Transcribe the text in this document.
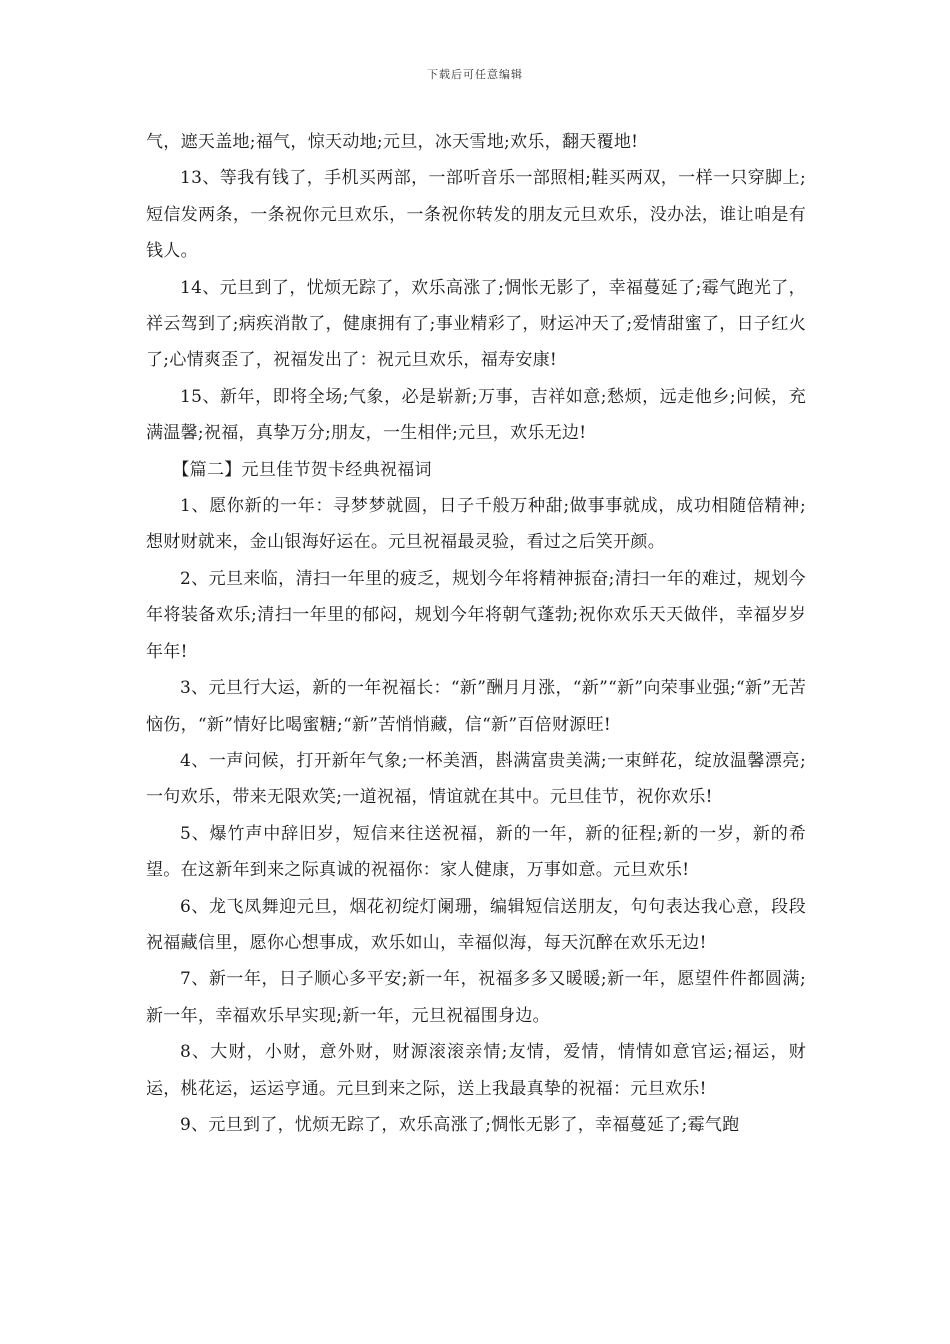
下载后可任意编辑

气，遮天盖地;福气，惊天动地;元旦，冰天雪地;欢乐，翻天覆地!

13、等我有钱了，手机买两部，一部听音乐一部照相;鞋买两双，一样一只穿脚上;短信发两条，一条祝你元旦欢乐，一条祝你转发的朋友元旦欢乐，没办法，谁让咱是有钱人。

14、元旦到了，忧烦无踪了，欢乐高涨了;惆怅无影了，幸福蔓延了;霉气跑光了，祥云驾到了;病疾消散了，健康拥有了;事业精彩了，财运冲天了;爱情甜蜜了，日子红火了;心情爽歪了，祝福发出了：祝元旦欢乐，福寿安康!

15、新年，即将全场;气象，必是崭新;万事，吉祥如意;愁烦，远走他乡;问候，充满温馨;祝福，真挚万分;朋友，一生相伴;元旦，欢乐无边!

【篇二】元旦佳节贺卡经典祝福词

1、愿你新的一年：寻梦梦就圆，日子千般万种甜;做事事就成，成功相随倍精神;想财财就来，金山银海好运在。元旦祝福最灵验，看过之后笑开颜。

2、元旦来临，清扫一年里的疲乏，规划今年将精神振奋;清扫一年的难过，规划今年将装备欢乐;清扫一年里的郁闷，规划今年将朝气蓬勃;祝你欢乐天天做伴，幸福岁岁年年!

3、元旦行大运，新的一年祝福长：“新”酬月月涨，“新”“新”向荣事业强;“新”无苦恼伤，“新”情好比喝蜜糖;“新”苦悄悄藏，信“新”百倍财源旺!

4、一声问候，打开新年气象;一杯美酒，斟满富贵美满;一束鲜花，绽放温馨漂亮;一句欢乐，带来无限欢笑;一道祝福，情谊就在其中。元旦佳节，祝你欢乐!

5、爆竹声中辞旧岁，短信来往送祝福，新的一年，新的征程;新的一岁，新的希望。在这新年到来之际真诚的祝福你：家人健康，万事如意。元旦欢乐!

6、龙飞凤舞迎元旦，烟花初绽灯阑珊，编辑短信送朋友，句句表达我心意，段段祝福藏信里，愿你心想事成，欢乐如山，幸福似海，每天沉醉在欢乐无边!

7、新一年，日子顺心多平安;新一年，祝福多多又暖暖;新一年，愿望件件都圆满;新一年，幸福欢乐早实现;新一年，元旦祝福围身边。

8、大财，小财，意外财，财源滚滚亲情;友情，爱情，情情如意官运;福运，财运，桃花运，运运亨通。元旦到来之际，送上我最真挚的祝福：元旦欢乐!

9、元旦到了，忧烦无踪了，欢乐高涨了;惆怅无影了，幸福蔓延了;霉气跑
